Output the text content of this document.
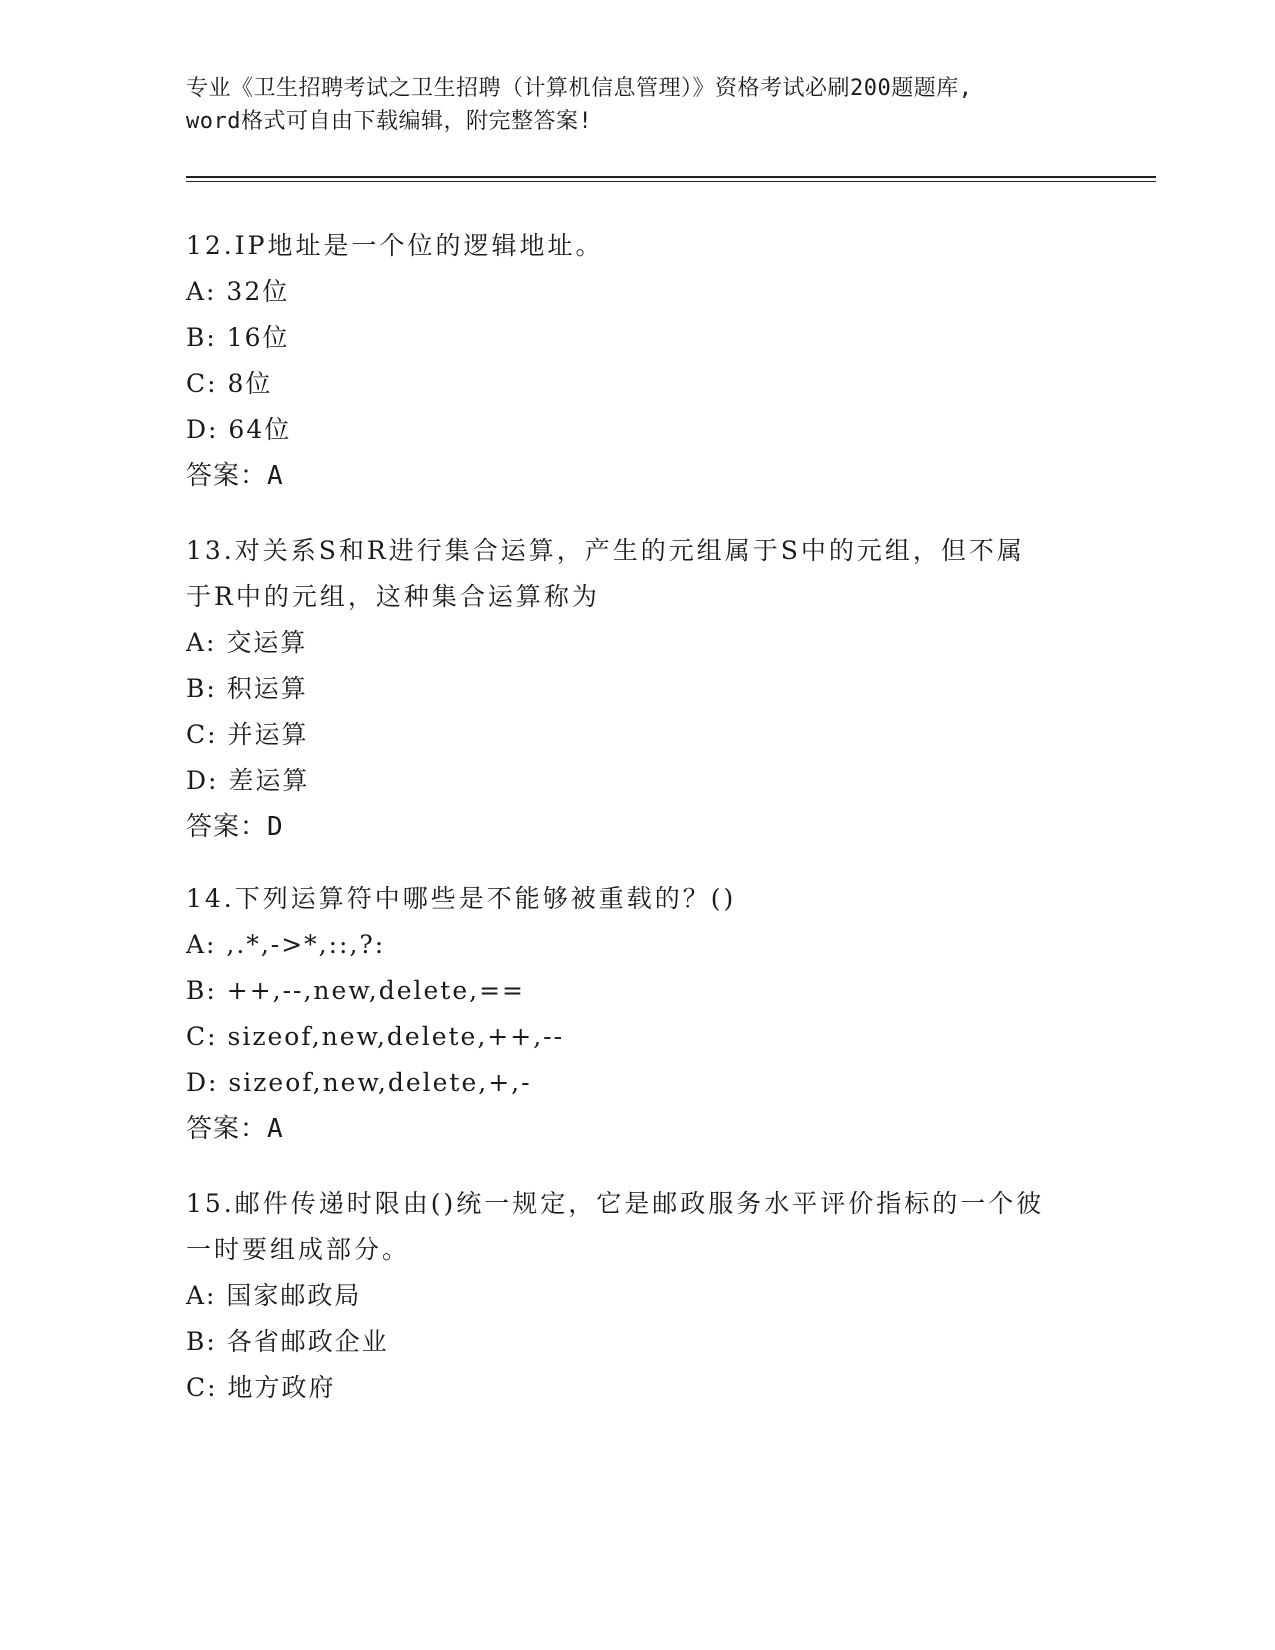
专业《卫生招聘考试之卫生招聘（计算机信息管理）》资格考试必刷200题题库,
word格式可自由下载编辑，附完整答案!

12.IP地址是一个位的逻辑地址。

A: 32位

B: 16位

C: 8位

D: 64位

答案：A

13.对关系S和R进行集合运算，产生的元组属于S中的元组，但不属

于R中的元组，这种集合运算称为

A: 交运算

B: 积运算

C: 并运算

D: 差运算

答案：D

14.下列运算符中哪些是不能够被重载的？()

A: ,.*,->*,::,?:

B: ++,--,new,delete,==

C: sizeof,new,delete,++,--

D: sizeof,new,delete,+,-

答案：A

15.邮件传递时限由()统一规定，它是邮政服务水平评价指标的一个彼

一时要组成部分。

A: 国家邮政局

B: 各省邮政企业

C: 地方政府
